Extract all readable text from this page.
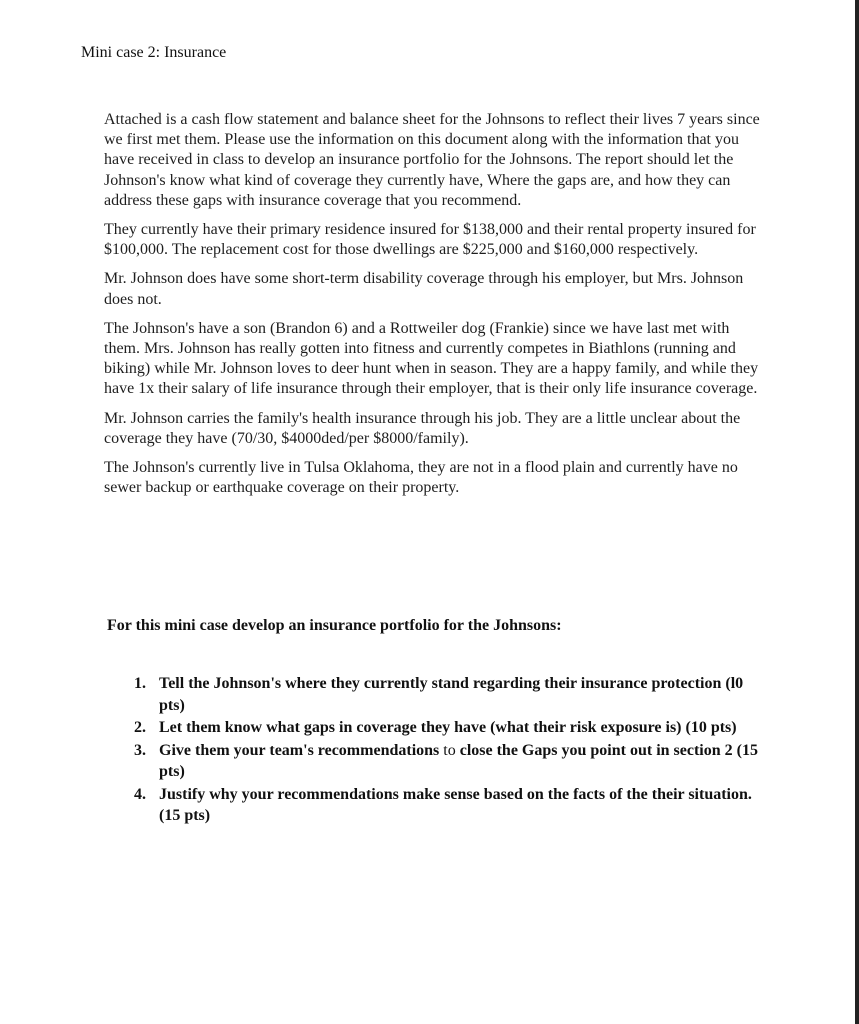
Mini case 2: Insurance

Attached is a cash flow statement and balance sheet for the Johnsons to reflect their lives 7 years since we first met them. Please use the information on this document along with the information that you have received in class to develop an insurance portfolio for the Johnsons. The report should let the Johnson's know what kind of coverage they currently have, Where the gaps are, and how they can address these gaps with insurance coverage that you recommend.

They currently have their primary residence insured for $138,000 and their rental property insured for $100,000. The replacement cost for those dwellings are $225,000 and $160,000 respectively.

Mr. Johnson does have some short-term disability coverage through his employer, but Mrs. Johnson does not.

The Johnson's have a son (Brandon 6) and a Rottweiler dog (Frankie) since we have last met with them. Mrs. Johnson has really gotten into fitness and currently competes in Biathlons (running and biking) while Mr. Johnson loves to deer hunt when in season. They are a happy family, and while they have 1x their salary of life insurance through their employer, that is their only life insurance coverage.

Mr. Johnson carries the family's health insurance through his job. They are a little unclear about the coverage they have (70/30, $4000ded/per $8000/family).

The Johnson's currently live in Tulsa Oklahoma, they are not in a flood plain and currently have no sewer backup or earthquake coverage on their property.

For this mini case develop an insurance portfolio for the Johnsons:
1. Tell the Johnson's where they currently stand regarding their insurance protection (l0 pts)
2. Let them know what gaps in coverage they have (what their risk exposure is) (10 pts)
3. Give them your team's recommendations to close the Gaps you point out in section 2 (15 pts)
4. Justify why your recommendations make sense based on the facts of the their situation.
(15 pts)
